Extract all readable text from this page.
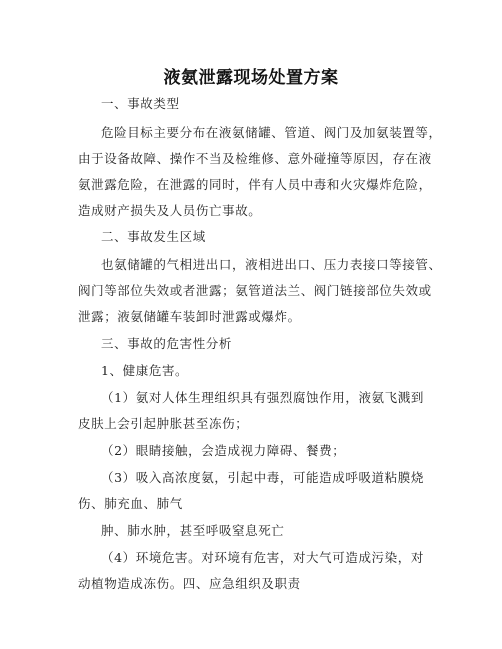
液氨泄露现场处置方案
一、事故类型
危险目标主要分布在液氨储罐、管道、阀门及加氨装置等，
由于设备故障、操作不当及检维修、意外碰撞等原因，存在液
氨泄露危险，在泄露的同时，伴有人员中毒和火灾爆炸危险，
造成财产损失及人员伤亡事故。
二、事故发生区域
也氨储罐的气相进出口，液相进出口、压力表接口等接管、
阀门等部位失效或者泄露；氨管道法兰、阀门链接部位失效或
泄露；液氨储罐车装卸时泄露或爆炸。
三、事故的危害性分析
1、健康危害。
（1）氨对人体生理组织具有强烈腐蚀作用，液氨飞溅到
皮肤上会引起肿胀甚至冻伤；
（2）眼睛接触，会造成视力障碍、餐费；
（3）吸入高浓度氨，引起中毒，可能造成呼吸道粘膜烧
伤、肺充血、肺气
肿、肺水肿，甚至呼吸窒息死亡
（4）环境危害。对环境有危害，对大气可造成污染，对
动植物造成冻伤。四、应急组织及职责
